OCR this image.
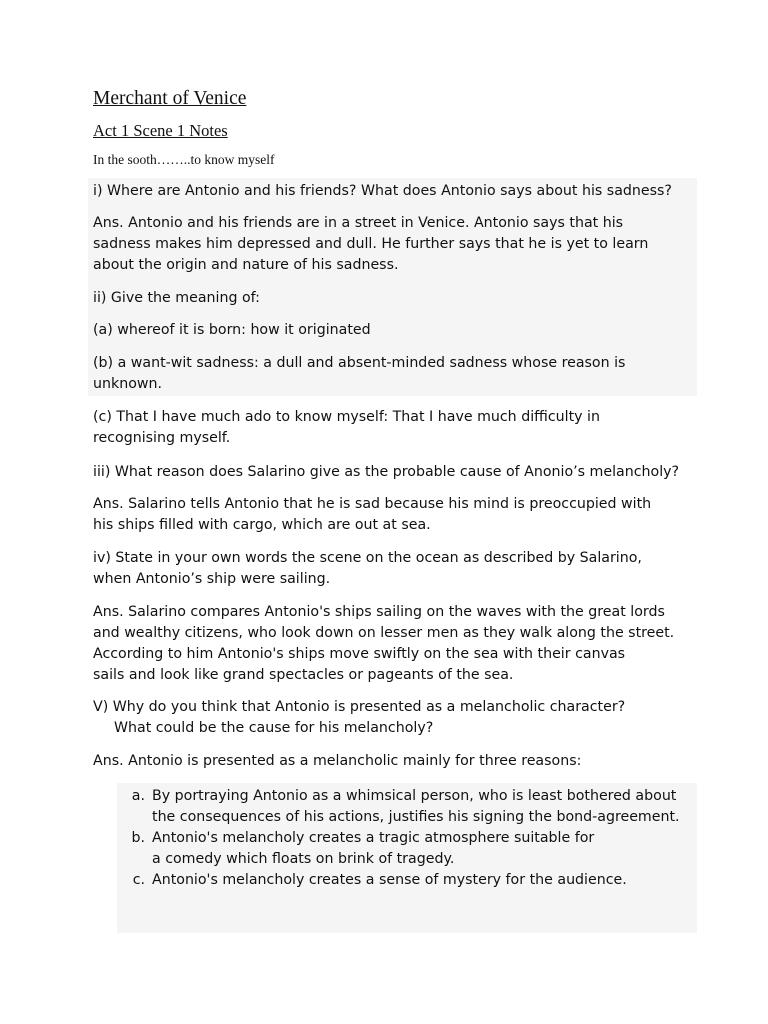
Merchant of Venice
Act 1 Scene 1 Notes

In the sooth……..to know myself

i) Where are Antonio and his friends? What does Antonio says about his sadness?

Ans. Antonio and his friends are in a street in Venice. Antonio says that his
sadness makes him depressed and dull. He further says that he is yet to learn
about the origin and nature of his sadness.

ii) Give the meaning of:

(a) whereof it is born: how it originated

(b) a want-wit sadness: a dull and absent-minded sadness whose reason is
unknown.

(c) That I have much ado to know myself: That I have much difficulty in
recognising myself.

iii) What reason does Salarino give as the probable cause of Anonio’s melancholy?

Ans. Salarino tells Antonio that he is sad because his mind is preoccupied with
his ships filled with cargo, which are out at sea.

iv) State in your own words the scene on the ocean as described by Salarino,
when Antonio’s ship were sailing.

Ans. Salarino compares Antonio's ships sailing on the waves with the great lords
and wealthy citizens, who look down on lesser men as they walk along the street.
According to him Antonio's ships move swiftly on the sea with their canvas
sails and look like grand spectacles or pageants of the sea.

V) Why do you think that Antonio is presented as a melancholic character?
What could be the cause for his melancholy?

Ans. Antonio is presented as a melancholic mainly for three reasons:

a. By portraying Antonio as a whimsical person, who is least bothered about
the consequences of his actions, justifies his signing the bond-agreement.
b. Antonio's melancholy creates a tragic atmosphere suitable for
a comedy which floats on brink of tragedy.
c. Antonio's melancholy creates a sense of mystery for the audience.
